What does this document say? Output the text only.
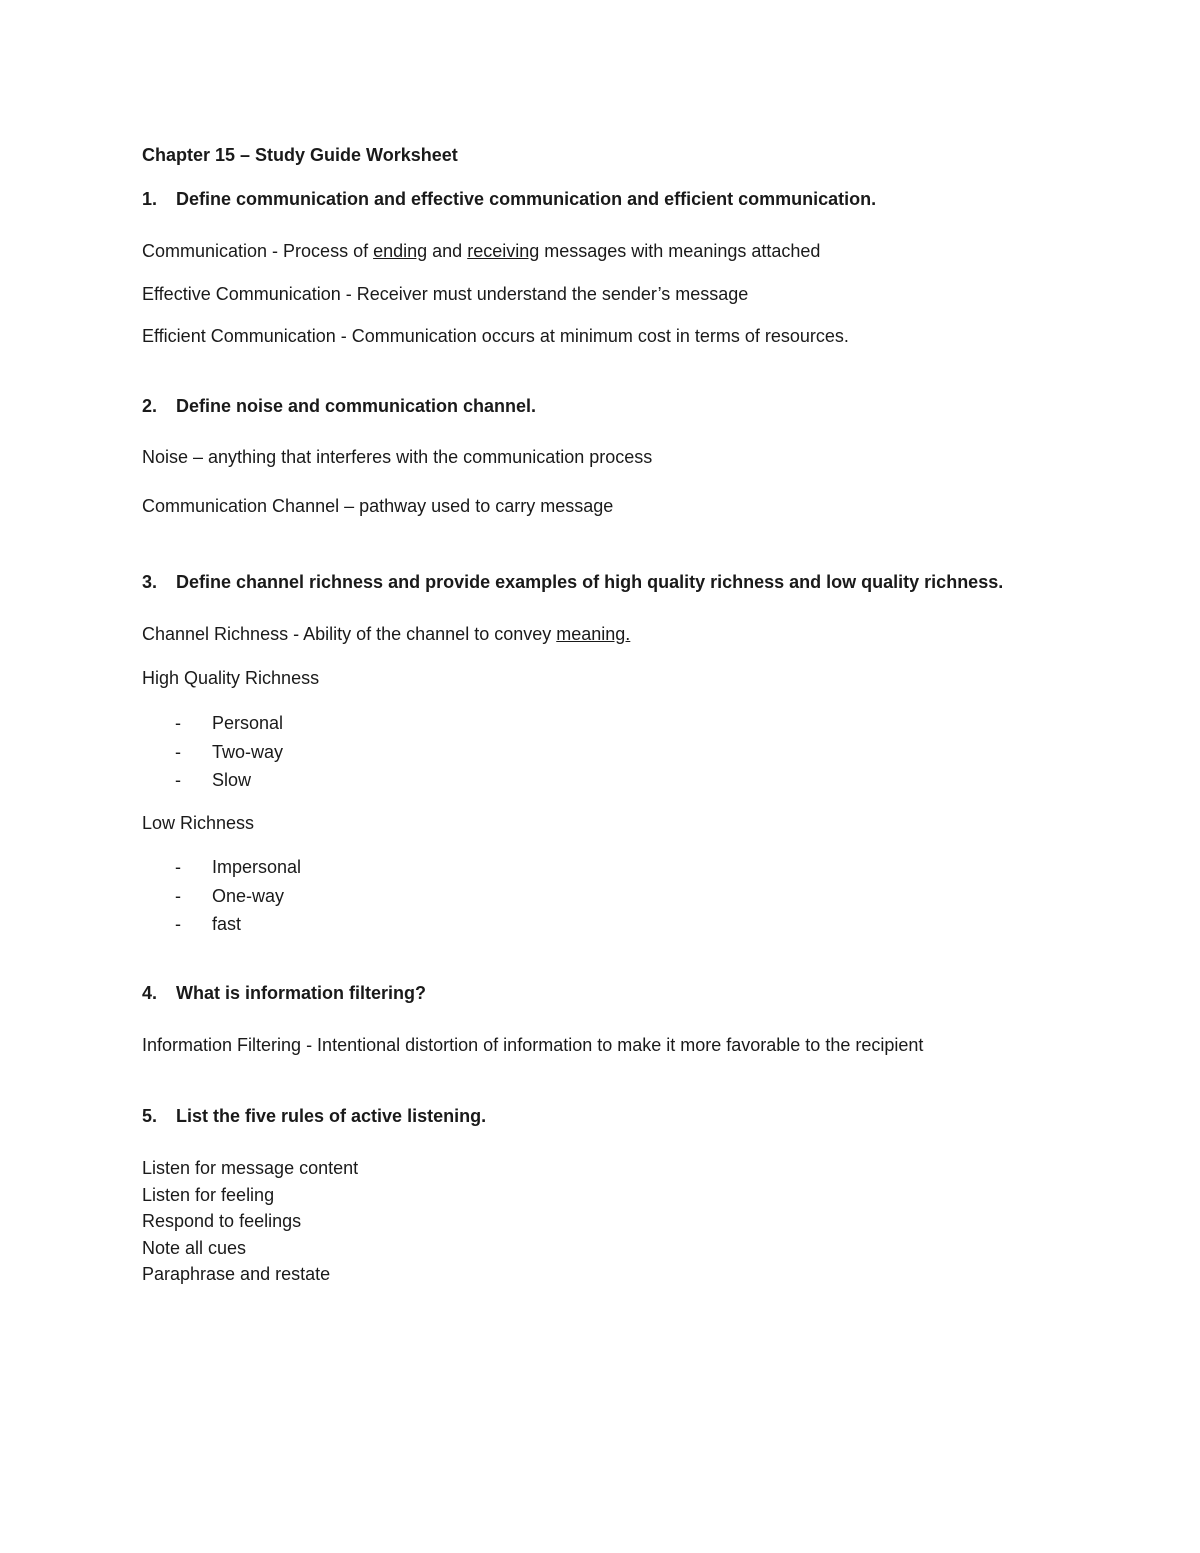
Chapter 15 – Study Guide Worksheet
1. Define communication and effective communication and efficient communication.
Communication - Process of ending and receiving messages with meanings attached
Effective Communication - Receiver must understand the sender’s message
Efficient Communication - Communication occurs at minimum cost in terms of resources.
2. Define noise and communication channel.
Noise – anything that interferes with the communication process
Communication Channel – pathway used to carry message
3. Define channel richness and provide examples of high quality richness and low quality richness.
Channel Richness - Ability of the channel to convey meaning.
High Quality Richness
- Personal
- Two-way
- Slow
Low Richness
- Impersonal
- One-way
- fast
4. What is information filtering?
Information Filtering - Intentional distortion of information to make it more favorable to the recipient
5. List the five rules of active listening.
Listen for message content
Listen for feeling
Respond to feelings
Note all cues
Paraphrase and restate
